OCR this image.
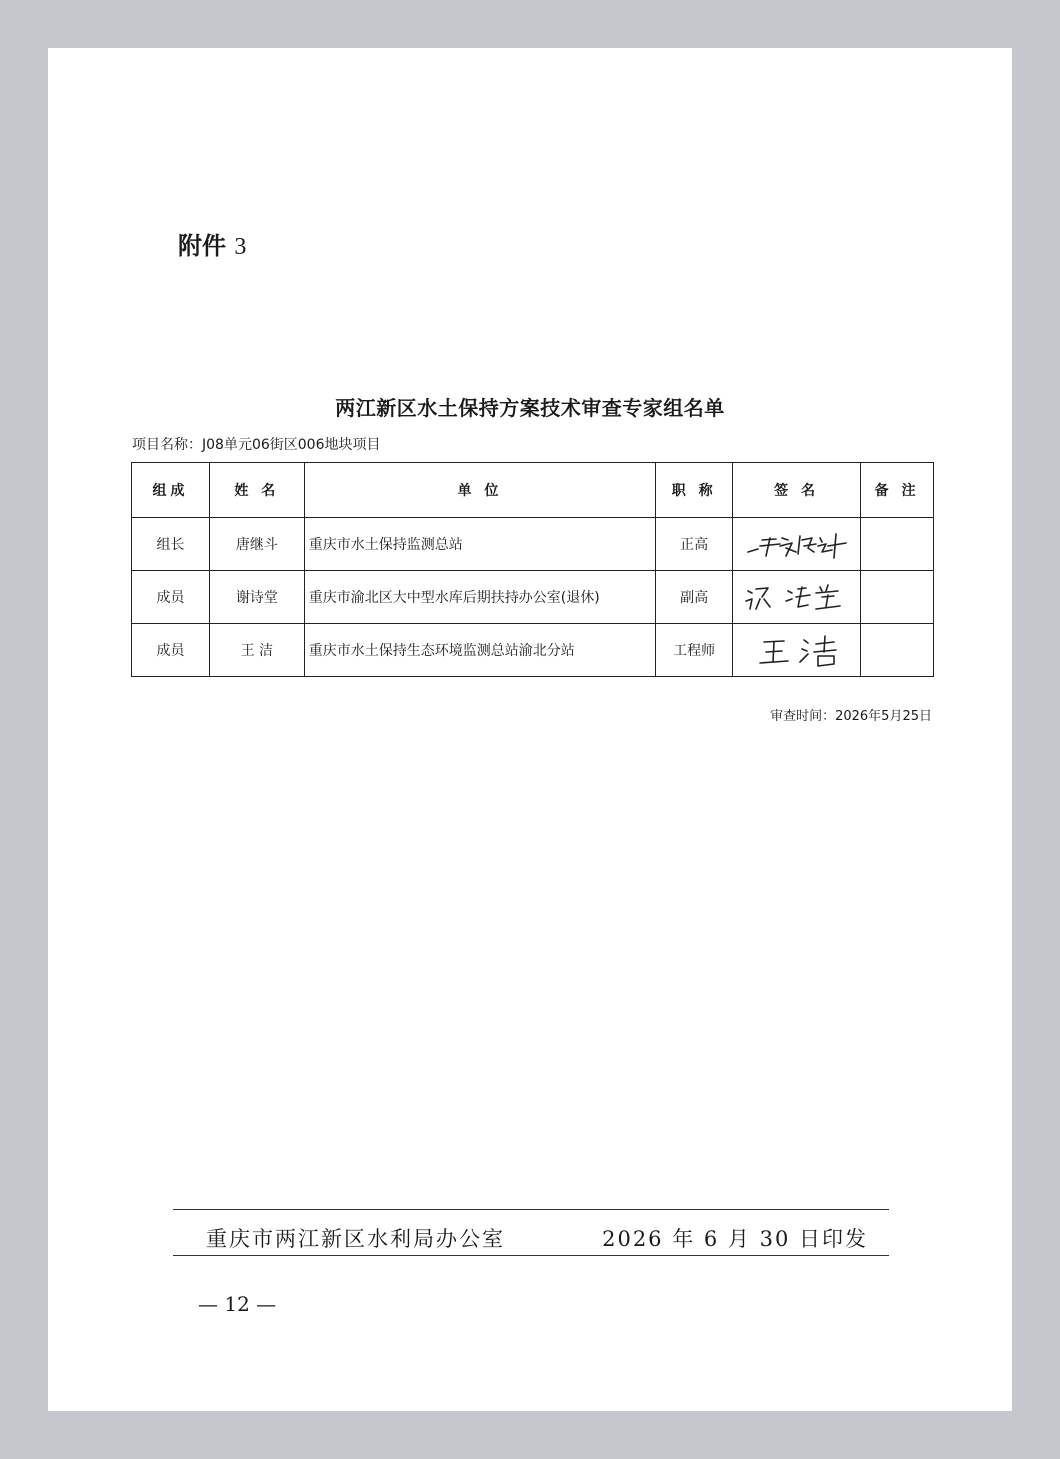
附件 3
两江新区水土保持方案技术审查专家组名单
项目名称：J08单元06街区006地块项目
组成	姓 名	单 位	职 称	签 名	备 注
组长	唐继斗	重庆市水土保持监测总站	正高	

成员	谢诗堂	重庆市渝北区大中型水库后期扶持办公室(退休)	副高	

成员	王 洁	重庆市水土保持生态环境监测总站渝北分站	工程师	

审查时间：2026年5月25日
重庆市两江新区水利局办公室	2026 年 6 月 30 日印发
— 12 —
